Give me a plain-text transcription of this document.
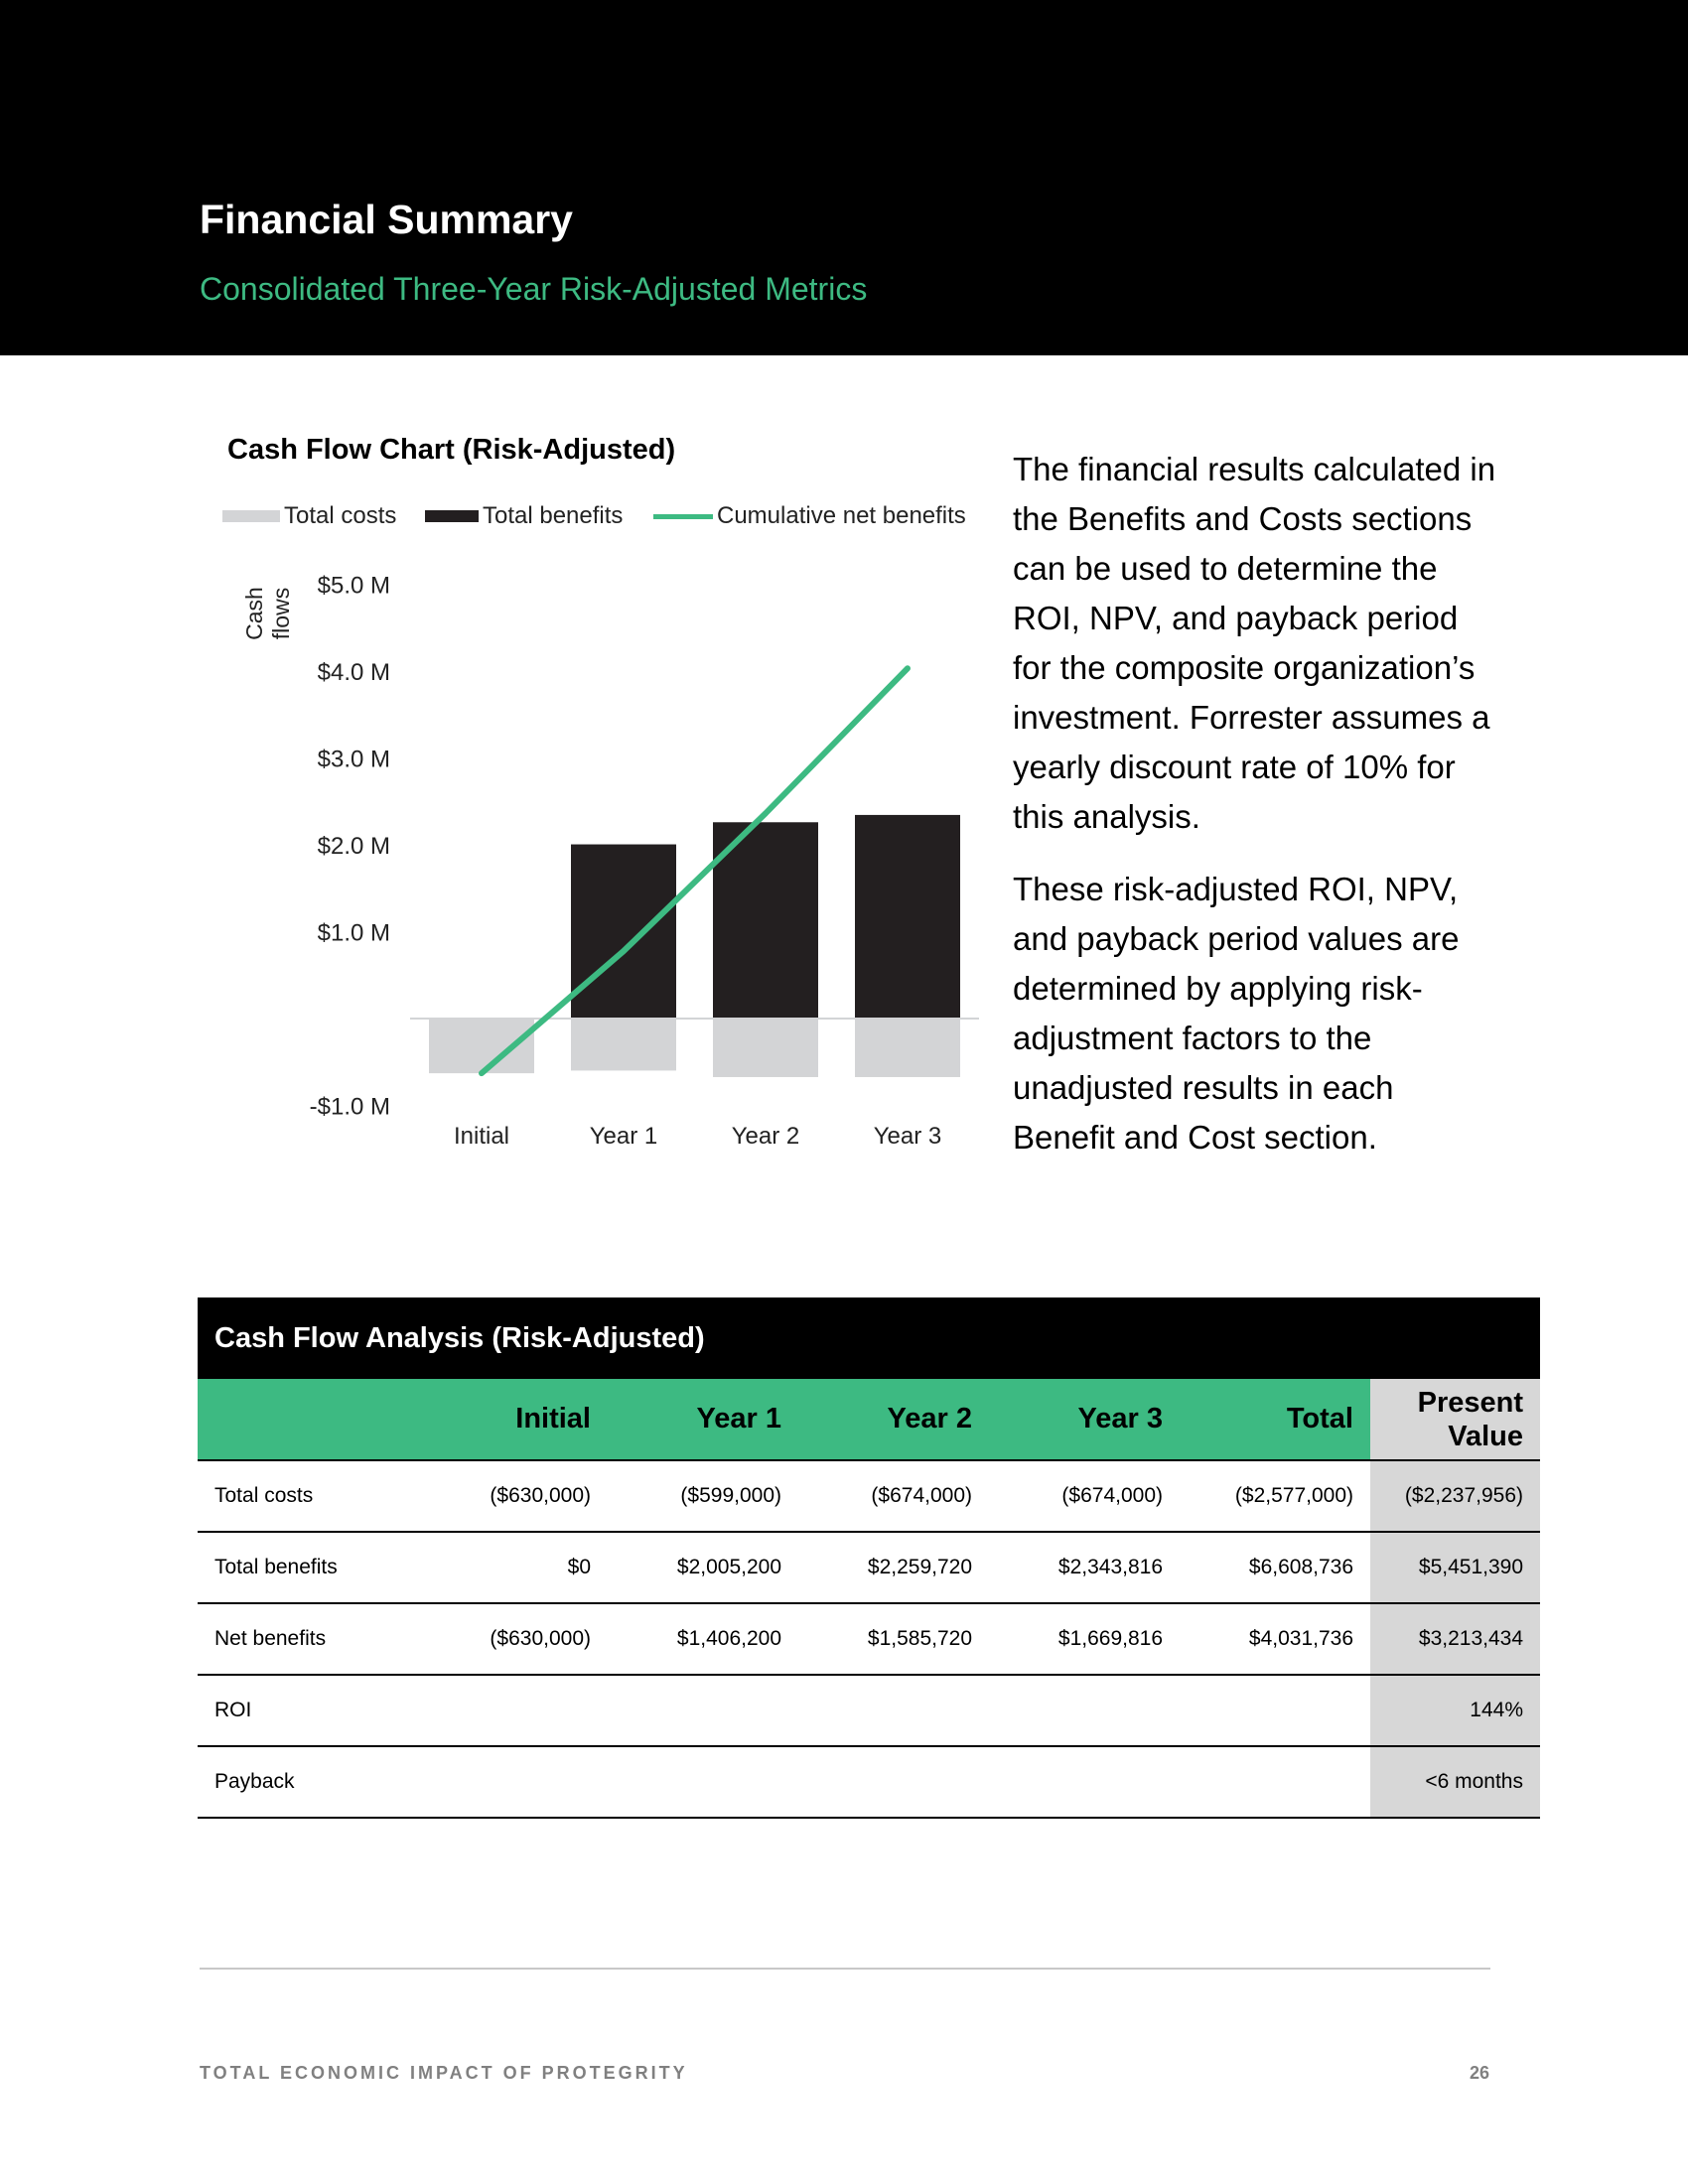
Financial Summary
Consolidated Three-Year Risk-Adjusted Metrics
Cash Flow Chart (Risk-Adjusted)
Total costs	Total benefits	Cumulative net benefits
Cash flows
$5.0 M
$4.0 M
$3.0 M
$2.0 M
$1.0 M
-$1.0 M
Initial	Year 1	Year 2	Year 3

The financial results calculated in the Benefits and Costs sections can be used to determine the ROI, NPV, and payback period for the composite organization’s investment. Forrester assumes a yearly discount rate of 10% for this analysis.

These risk-adjusted ROI, NPV, and payback period values are determined by applying risk-adjustment factors to the unadjusted results in each Benefit and Cost section.

Cash Flow Analysis (Risk-Adjusted)						
	Initial	Year 1	Year 2	Year 3	Total	Present Value
Total costs	($630,000)	($599,000)	($674,000)	($674,000)	($2,577,000)	($2,237,956)
Total benefits	$0	$2,005,200	$2,259,720	$2,343,816	$6,608,736	$5,451,390
Net benefits	($630,000)	$1,406,200	$1,585,720	$1,669,816	$4,031,736	$3,213,434
ROI						144%
Payback						<6 months
TOTAL ECONOMIC IMPACT OF PROTEGRITY	26
